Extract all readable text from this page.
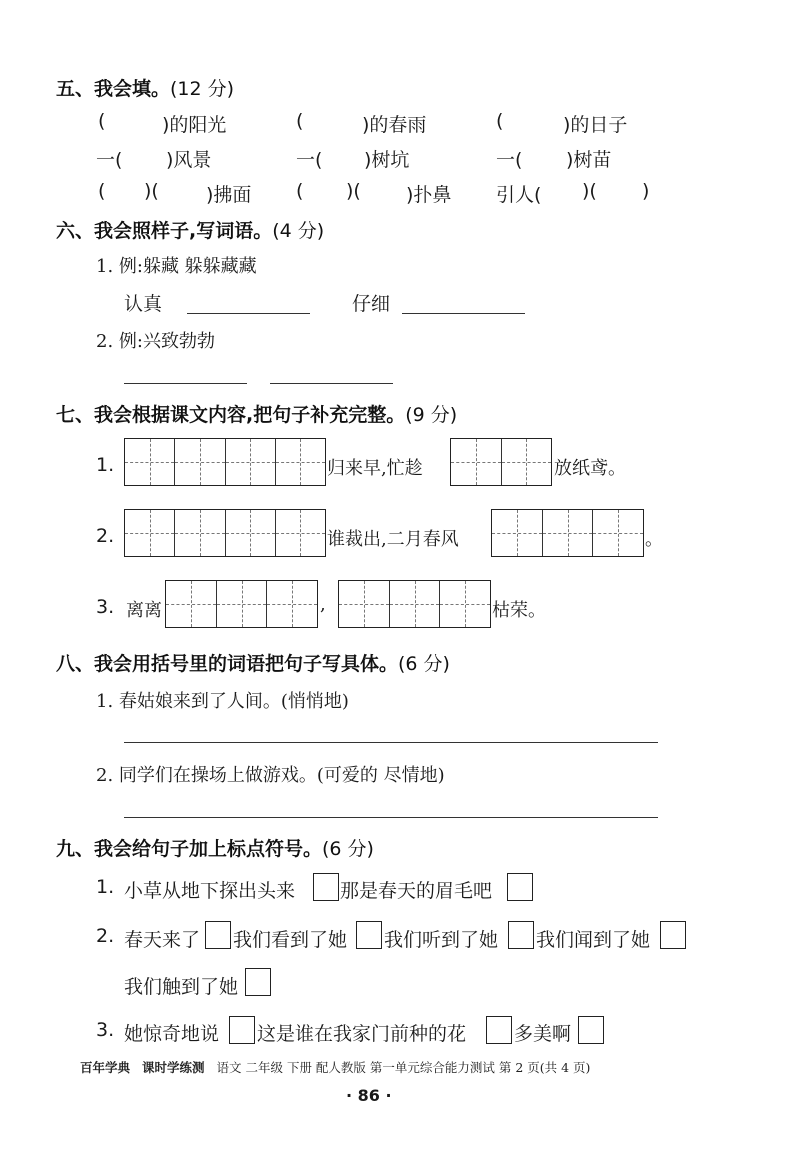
五、我会填。(12 分)
(	)的阳光	(	)的春雨	(	)的日子
一( )风景	一( )树坑	一( )树苗
( )( )拂面 ( )( )扑鼻 引人( )( )
六、我会照样子,写词语。(4 分)
1. 例:躲藏 躲躲藏藏
认真	仔细
2. 例:兴致勃勃
七、我会根据课文内容,把句子补充完整。(9 分)
1.	归来早,忙趁	放纸鸢。
2.	谁裁出,二月春风	。
3. 离离	,	枯荣。
八、我会用括号里的词语把句子写具体。(6 分)
1. 春姑娘来到了人间。(悄悄地)
2. 同学们在操场上做游戏。(可爱的 尽情地)
九、我会给句子加上标点符号。(6 分)
1. 小草从地下探出头来 那是春天的眉毛吧
2. 春天来了 我们看到了她 我们听到了她 我们闻到了她
我们触到了她
3. 她惊奇地说 这是谁在我家门前种的花	多美啊
百年学典 课时学练测 语文 二年级 下册 配人教版 第一单元综合能力测试 第 2 页(共 4 页)
· 86 ·
